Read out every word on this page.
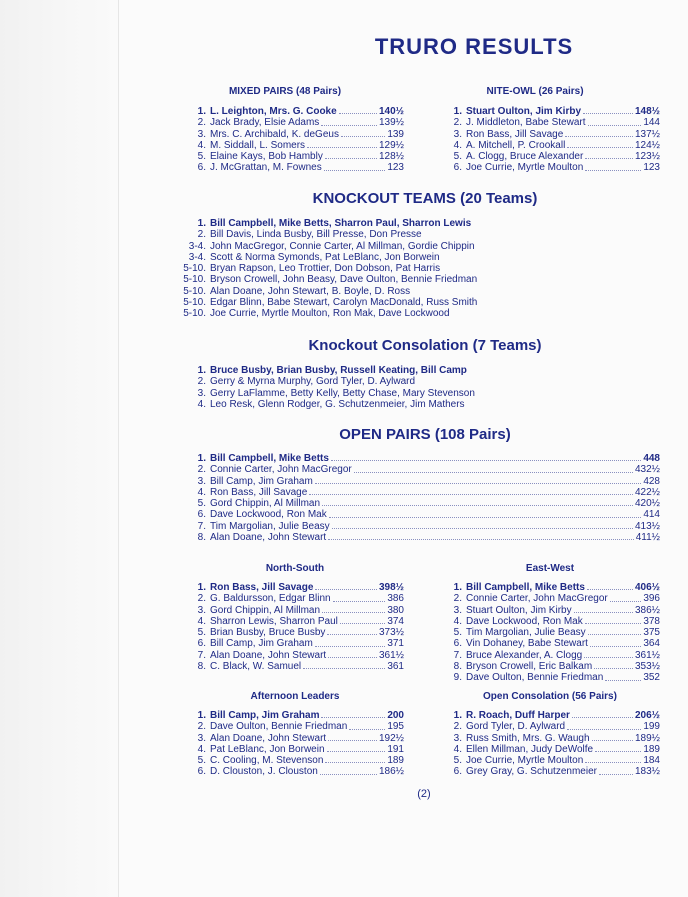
TRURO RESULTS
MIXED PAIRS (48 Pairs)
1. L. Leighton, Mrs. G. Cooke	140½
2. Jack Brady, Elsie Adams	139½
3. Mrs. C. Archibald, K. deGeus	139
4. M. Siddall, L. Somers	129½
5. Elaine Kays, Bob Hambly	128½
6. J. McGrattan, M. Fownes	123
NITE-OWL (26 Pairs)
1. Stuart Oulton, Jim Kirby	148½
2. J. Middleton, Babe Stewart	144
3. Ron Bass, Jill Savage	137½
4. A. Mitchell, P. Crookall	124½
5. A. Clogg, Bruce Alexander	123½
6. Joe Currie, Myrtle Moulton	123
KNOCKOUT TEAMS (20 Teams)
1. Bill Campbell, Mike Betts, Sharron Paul, Sharron Lewis
2. Bill Davis, Linda Busby, Bill Presse, Don Presse
3-4. John MacGregor, Connie Carter, Al Millman, Gordie Chippin
3-4. Scott & Norma Symonds, Pat LeBlanc, Jon Borwein
5-10. Bryan Rapson, Leo Trottier, Don Dobson, Pat Harris
5-10. Bryson Crowell, John Beasy, Dave Oulton, Bennie Friedman
5-10. Alan Doane, John Stewart, B. Boyle, D. Ross
5-10. Edgar Blinn, Babe Stewart, Carolyn MacDonald, Russ Smith
5-10. Joe Currie, Myrtle Moulton, Ron Mak, Dave Lockwood
Knockout Consolation (7 Teams)
1. Bruce Busby, Brian Busby, Russell Keating, Bill Camp
2. Gerry & Myrna Murphy, Gord Tyler, D. Aylward
3. Gerry LaFlamme, Betty Kelly, Betty Chase, Mary Stevenson
4. Leo Resk, Glenn Rodger, G. Schutzenmeier, Jim Mathers
OPEN PAIRS (108 Pairs)
1. Bill Campbell, Mike Betts	448
2. Connie Carter, John MacGregor	432½
3. Bill Camp, Jim Graham	428
4. Ron Bass, Jill Savage	422½
5. Gord Chippin, Al Millman	420½
6. Dave Lockwood, Ron Mak	414
7. Tim Margolian, Julie Beasy	413½
8. Alan Doane, John Stewart	411½
North-South
1. Ron Bass, Jill Savage	398½
2. G. Baldursson, Edgar Blinn	386
3. Gord Chippin, Al Millman	380
4. Sharron Lewis, Sharron Paul	374
5. Brian Busby, Bruce Busby	373½
6. Bill Camp, Jim Graham	371
7. Alan Doane, John Stewart	361½
8. C. Black, W. Samuel	361
East-West
1. Bill Campbell, Mike Betts	406½
2. Connie Carter, John MacGregor	396
3. Stuart Oulton, Jim Kirby	386½
4. Dave Lockwood, Ron Mak	378
5. Tim Margolian, Julie Beasy	375
6. Vin Dohaney, Babe Stewart	364
7. Bruce Alexander, A. Clogg	361½
8. Bryson Crowell, Eric Balkam	353½
9. Dave Oulton, Bennie Friedman	352
Afternoon Leaders
1. Bill Camp, Jim Graham	200
2. Dave Oulton, Bennie Friedman	195
3. Alan Doane, John Stewart	192½
4. Pat LeBlanc, Jon Borwein	191
5. C. Cooling, M. Stevenson	189
6. D. Clouston, J. Clouston	186½
Open Consolation (56 Pairs)
1. R. Roach, Duff Harper	206½
2. Gord Tyler, D. Aylward	199
3. Russ Smith, Mrs. G. Waugh	189½
4. Ellen Millman, Judy DeWolfe	189
5. Joe Currie, Myrtle Moulton	184
6. Grey Gray, G. Schutzenmeier	183½
(2)
